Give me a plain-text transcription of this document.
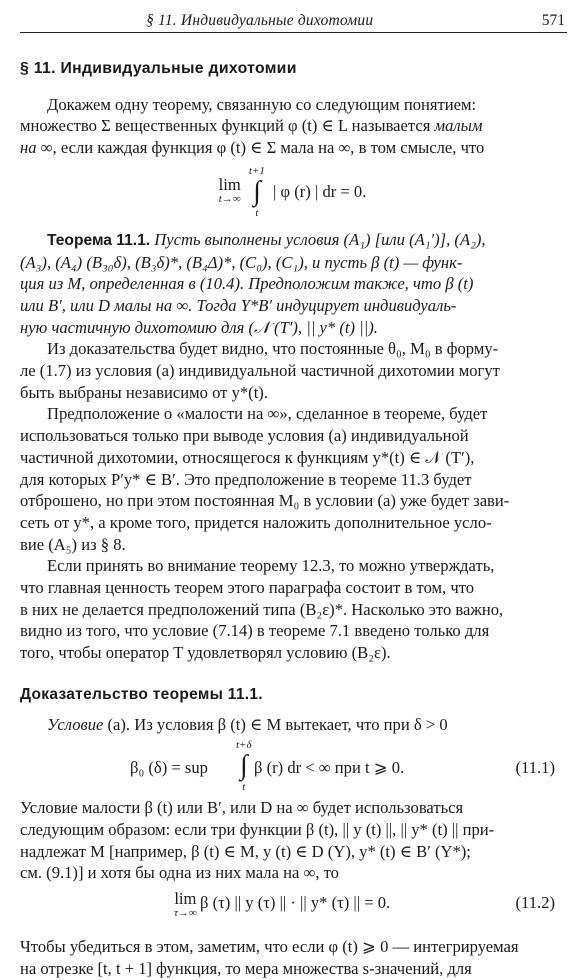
§ 11. Индивидуальные дихотомии	571
§ 11. Индивидуальные дихотомии

Докажем одну теорему, связанную со следующим понятием:
множество Σ вещественных функций φ (t) ∈ L называется малым
на ∞, если каждая функция φ (t) ∈ Σ мала на ∞, в том смысле, что

lim
t→∞

t+1
∫
t
| φ (r) | dr = 0.

Теорема 11.1. Пусть выполнены условия (A₁) [или (A₁′)], (A₂),
(A₃), (A₄) (B₃₀δ), (B₃δ)*, (B₄Δ)*, (C₀), (C₁), и пусть β (t) — функ-
ция из M, определенная в (10.4). Предположим также, что β (t)
или B′, или D малы на ∞. Тогда Y*B′ индуцирует индивидуаль-
ную частичную дихотомию для (𝒩 (T′), || y* (t) ||).

Из доказательства будет видно, что постоянные θ₀, M₀ в форму-
ле (1.7) из условия (а) индивидуальной частичной дихотомии могут
быть выбраны независимо от y*(t).

Предположение о «малости на ∞», сделанное в теореме, будет
использоваться только при выводе условия (а) индивидуальной
частичной дихотомии, относящегося к функциям y*(t) ∈ 𝒩 (T′),
для которых P′y* ∈ B′. Это предположение в теореме 11.3 будет
отброшено, но при этом постоянная M₀ в условии (а) уже будет зави-
сеть от y*, а кроме того, придется наложить дополнительное усло-
вие (A₅) из § 8.

Если принять во внимание теорему 12.3, то можно утверждать,
что главная ценность теорем этого параграфа состоит в том, что
в них не делается предположений типа (B₂ε)*. Насколько это важно,
видно из того, что условие (7.14) в теореме 7.1 введено только для
того, чтобы оператор T удовлетворял условию (B₂ε).

Доказательство теоремы 11.1.

Условие (а). Из условия β (t) ∈ M вытекает, что при δ > 0

β₀ (δ) = sup
t+δ
∫
t
β (r) dr < ∞ при t ⩾ 0.	(11.1)

Условие малости β (t) или B′, или D на ∞ будет использоваться
следующим образом: если три функции β (t), || y (t) ||, || y* (t) || при-
надлежат M [например, β (t) ∈ M, y (t) ∈ D (Y), y* (t) ∈ B′ (Y*);
см. (9.1)] и хотя бы одна из них мала на ∞, то

lim
τ→∞
β (τ) || y (τ) || · || y* (τ) || = 0.	(11.2)

Чтобы убедиться в этом, заметим, что если φ (t) ⩾ 0 — интегрируемая
на отрезке [t, t + 1] функция, то мера множества s-значений, для
